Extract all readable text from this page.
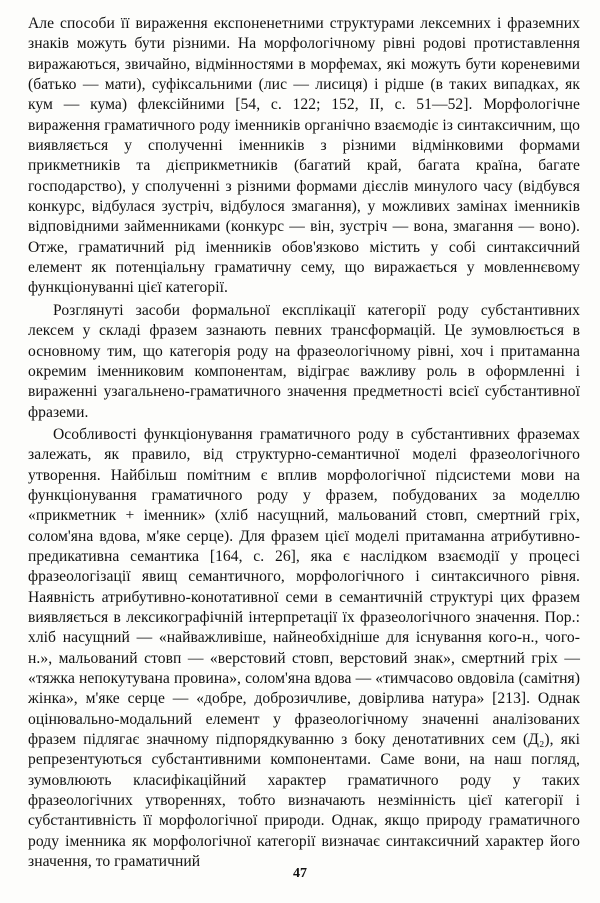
Але способи її вираження експоненетними структурами лексемних і фраземних знаків можуть бути різними. На морфологічному рівні родові протиставлення виражаються, звичайно, відмінностями в морфемах, які можуть бути кореневими (батько — мати), суфіксальними (лис — лисиця) і рідше (в таких випадках, як кум — кума) флексійними [54, с. 122; 152, II, с. 51—52]. Морфологічне вираження граматичного роду іменників органічно взаємодіє із синтаксичним, що виявляється у сполученні іменників з різними відмінковими формами прикметників та дієприкметників (багатий край, багата країна, багате господарство), у сполученні з різними формами дієслів минулого часу (відбувся конкурс, відбулася зустріч, відбулося змагання), у можливих замінах іменників відповідними займенниками (конкурс — він, зустріч — вона, змагання — воно). Отже, граматичний рід іменників обов'язково містить у собі синтаксичний елемент як потенціальну граматичну сему, що виражається у мовленнєвому функціонуванні цієї категорії.

Розглянуті засоби формальної експлікації категорії роду субстантивних лексем у складі фразем зазнають певних трансформацій. Це зумовлюється в основному тим, що категорія роду на фразеологічному рівні, хоч і притаманна окремим іменниковим компонентам, відіграє важливу роль в оформленні і вираженні узагальнено-граматичного значення предметності всієї субстантивної фраземи.

Особливості функціонування граматичного роду в субстантивних фраземах залежать, як правило, від структурно-семантичної моделі фразеологічного утворення. Найбільш помітним є вплив морфологічної підсистеми мови на функціонування граматичного роду у фразем, побудованих за моделлю «прикметник + іменник» (хліб насущний, мальований стовп, смертний гріх, солом'яна вдова, м'яке серце). Для фразем цієї моделі притаманна атрибутивно-предикативна семантика [164, с. 26], яка є наслідком взаємодії у процесі фразеологізації явищ семантичного, морфологічного і синтаксичного рівня. Наявність атрибутивно-конотативної семи в семантичній структурі цих фразем виявляється в лексикографічній інтерпретації їх фразеологічного значення. Пор.: хліб насущний — «найважливіше, найнеобхідніше для існування кого-н., чого-н.», мальований стовп — «верстовий стовп, верстовий знак», смертний гріх — «тяжка непокутувана провина», солом'яна вдова — «тимчасово овдовіла (самітня) жінка», м'яке серце — «добре, доброзичливе, довірлива натура» [213]. Однак оцінювально-модальний елемент у фразеологічному значенні аналізованих фразем підлягає значному підпорядкуванню з боку денотативних сем (Д₂), які репрезентуються субстантивними компонентами. Саме вони, на наш погляд, зумовлюють класифікаційний характер граматичного роду у таких фразеологічних утвореннях, тобто визначають незмінність цієї категорії і субстантивність її морфологічної природи. Однак, якщо природу граматичного роду іменника як морфологічної категорії визначає синтаксичний характер його значення, то граматичний

47
